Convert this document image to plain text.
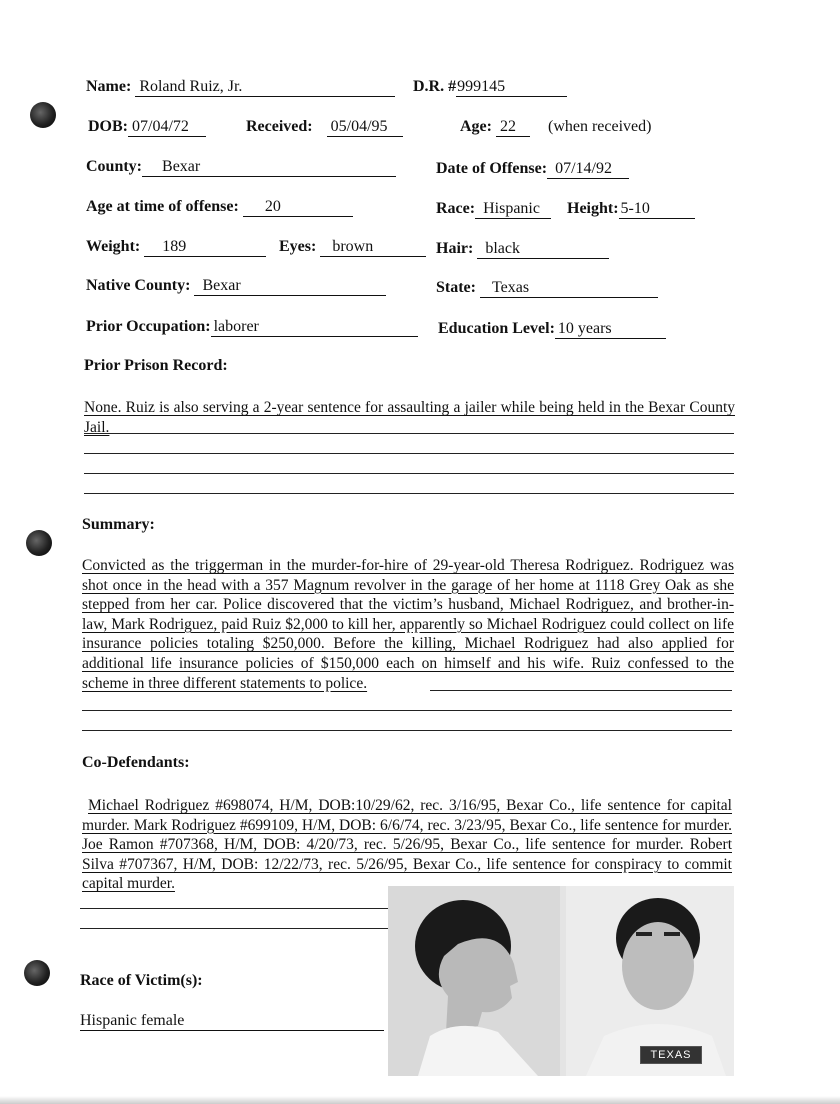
Name: Roland Ruiz, Jr.	D.R. #999145
DOB: 07/04/72	Received: 05/04/95	Age: 22 (when received)
County: Bexar	Date of Offense: 07/14/92
Age at time of offense: 20	Race: Hispanic	Height: 5-10
Weight: 189	Eyes: brown	Hair: black
Native County: Bexar	State: Texas
Prior Occupation: laborer	Education Level: 10 years
Prior Prison Record:
None. Ruiz is also serving a 2-year sentence for assaulting a jailer while being held in the Bexar County Jail.
Summary:
Convicted as the triggerman in the murder-for-hire of 29-year-old Theresa Rodriguez. Rodriguez was shot once in the head with a 357 Magnum revolver in the garage of her home at 1118 Grey Oak as she stepped from her car. Police discovered that the victim’s husband, Michael Rodriguez, and brother-in-law, Mark Rodriguez, paid Ruiz $2,000 to kill her, apparently so Michael Rodriguez could collect on life insurance policies totaling $250,000. Before the killing, Michael Rodriguez had also applied for additional life insurance policies of $150,000 each on himself and his wife. Ruiz confessed to the scheme in three different statements to police.
Co-Defendants:
Michael Rodriguez #698074, H/M, DOB:10/29/62, rec. 3/16/95, Bexar Co., life sentence for capital murder. Mark Rodriguez #699109, H/M, DOB: 6/6/74, rec. 3/23/95, Bexar Co., life sentence for murder. Joe Ramon #707368, H/M, DOB: 4/20/73, rec. 5/26/95, Bexar Co., life sentence for murder. Robert Silva #707367, H/M, DOB: 12/22/73, rec. 5/26/95, Bexar Co., life sentence for conspiracy to commit capital murder.
Race of Victim(s):
Hispanic female
TEXAS
